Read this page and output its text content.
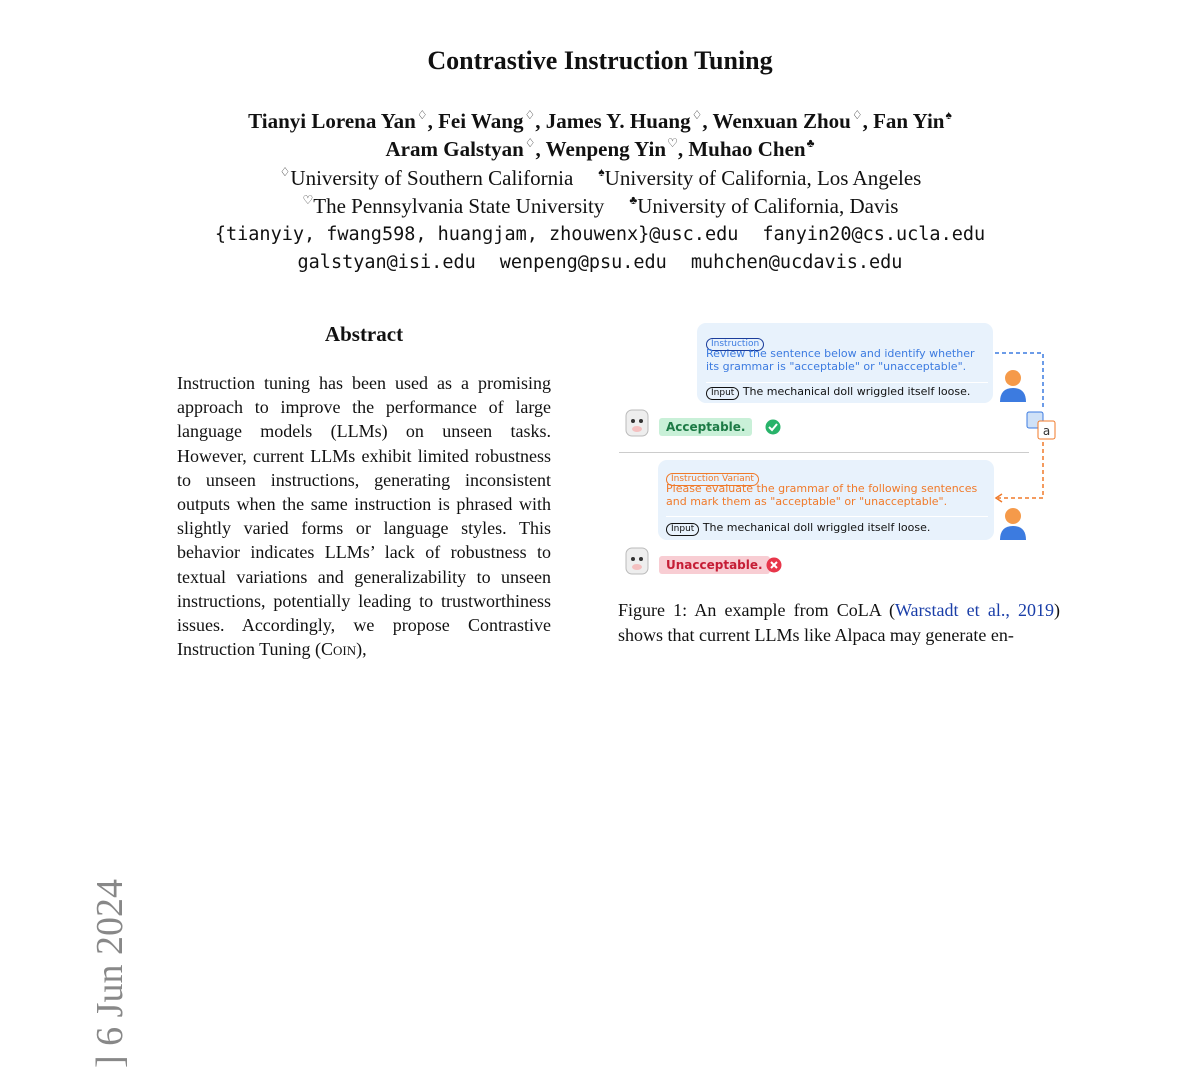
Contrastive Instruction Tuning
Tianyi Lorena Yan♢, Fei Wang♢, James Y. Huang♢, Wenxuan Zhou♢, Fan Yin♠
Aram Galstyan♢, Wenpeng Yin♡, Muhao Chen♣
♢University of Southern California ♠University of California, Los Angeles
♡The Pennsylvania State University ♣University of California, Davis
{tianyiy, fwang598, huangjam, zhouwenx}@usc.edu fanyin20@cs.ucla.edu
galstyan@isi.edu wenpeng@psu.edu muhchen@ucdavis.edu
] 6 Jun 2024
Abstract
Instruction tuning has been used as a promising approach to improve the performance of large language models (LLMs) on unseen tasks. However, current LLMs exhibit limited robustness to unseen instructions, generating inconsistent outputs when the same instruction is phrased with slightly varied forms or language styles. This behavior indicates LLMs’ lack of robustness to textual variations and generalizability to unseen instructions, potentially leading to trustworthiness issues. Accordingly, we propose Contrastive Instruction Tuning (Coin),
Instruction
Review the sentence below and identify whether its grammar is "acceptable" or "unacceptable".
Input The mechanical doll wriggled itself loose.
a
Acceptable.
Instruction Variant
Please evaluate the grammar of the following sentences and mark them as "acceptable" or "unacceptable".
Input The mechanical doll wriggled itself loose.
Unacceptable.
Figure 1: An example from CoLA (Warstadt et al., 2019) shows that current LLMs like Alpaca may generate en-
